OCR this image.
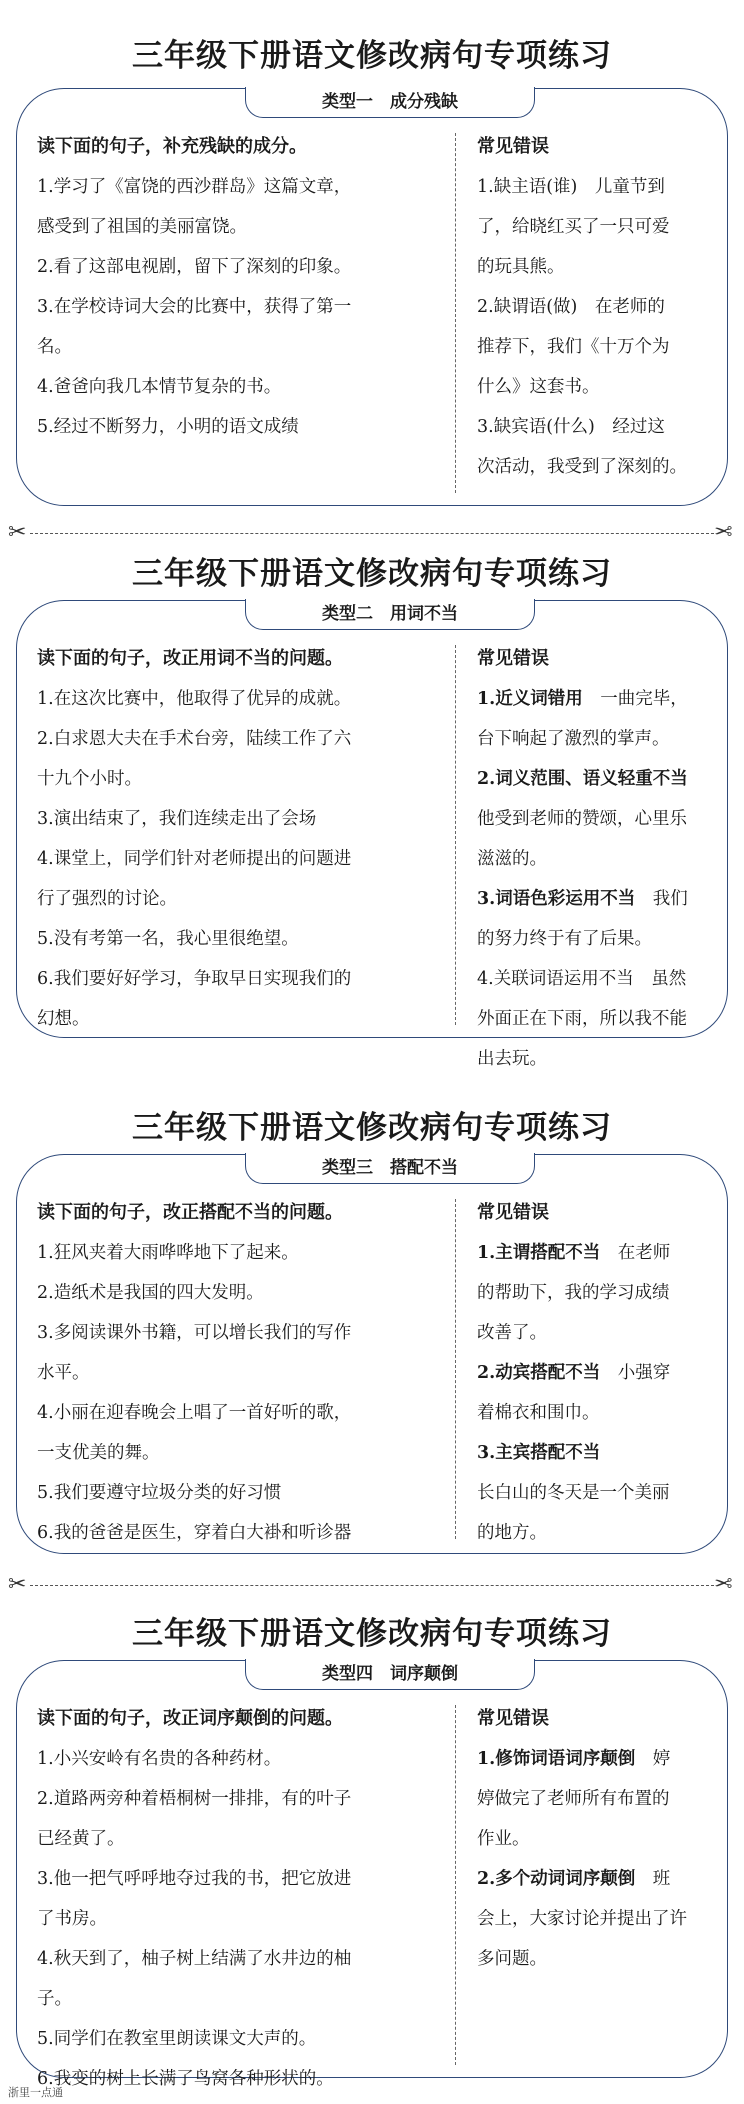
三年级下册语文修改病句专项练习
类型一　成分残缺
读下面的句子，补充残缺的成分。
1.学习了《富饶的西沙群岛》这篇文章，
感受到了祖国的美丽富饶。
2.看了这部电视剧，留下了深刻的印象。
3.在学校诗词大会的比赛中，获得了第一
名。
4.爸爸向我几本情节复杂的书。
5.经过不断努力，小明的语文成绩
常见错误
1.缺主语(谁)　儿童节到
了，给晓红买了一只可爱
的玩具熊。
2.缺谓语(做)　在老师的
推荐下，我们《十万个为
什么》这套书。
3.缺宾语(什么)　经过这
次活动，我受到了深刻的。
✂	✂
三年级下册语文修改病句专项练习
类型二　用词不当
读下面的句子，改正用词不当的问题。
1.在这次比赛中，他取得了优异的成就。
2.白求恩大夫在手术台旁，陆续工作了六
十九个小时。
3.演出结束了，我们连续走出了会场
4.课堂上，同学们针对老师提出的问题进
行了强烈的讨论。
5.没有考第一名，我心里很绝望。
6.我们要好好学习，争取早日实现我们的
幻想。
常见错误
1.近义词错用　一曲完毕，
台下响起了激烈的掌声。
2.词义范围、语义轻重不当
他受到老师的赞颂，心里乐
滋滋的。
3.词语色彩运用不当　我们
的努力终于有了后果。
4.关联词语运用不当　虽然
外面正在下雨，所以我不能
出去玩。
三年级下册语文修改病句专项练习
类型三　搭配不当
读下面的句子，改正搭配不当的问题。
1.狂风夹着大雨哗哗地下了起来。
2.造纸术是我国的四大发明。
3.多阅读课外书籍，可以增长我们的写作
水平。
4.小丽在迎春晚会上唱了一首好听的歌，
一支优美的舞。
5.我们要遵守垃圾分类的好习惯
6.我的爸爸是医生，穿着白大褂和听诊器
常见错误
1.主谓搭配不当　在老师
的帮助下，我的学习成绩
改善了。
2.动宾搭配不当　小强穿
着棉衣和围巾。
3.主宾搭配不当
长白山的冬天是一个美丽
的地方。
✂	✂
三年级下册语文修改病句专项练习
类型四　词序颠倒
读下面的句子，改正词序颠倒的问题。
1.小兴安岭有名贵的各种药材。
2.道路两旁种着梧桐树一排排，有的叶子
已经黄了。
3.他一把气呼呼地夺过我的书，把它放进
了书房。
4.秋天到了，柚子树上结满了水井边的柚
子。
5.同学们在教室里朗读课文大声的。
6.我变的树上长满了鸟窝各种形状的。
常见错误
1.修饰词语词序颠倒　婷
婷做完了老师所有布置的
作业。
2.多个动词词序颠倒　班
会上，大家讨论并提出了许
多问题。
浙里一点通
